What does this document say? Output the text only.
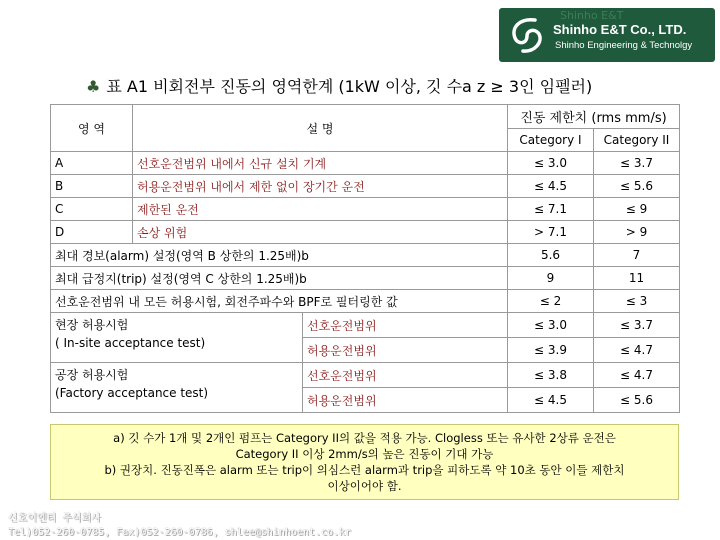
Shinho E&T
Shinho E&T Co., LTD.
Shinho Engineering & Technolgy
♣ 표 A1 비회전부 진동의 영역한계 (1kW 이상, 깃 수a z ≥ 3인 임펠러)
영 역	설 명		진동 제한치 (rms mm/s)	
			Category I	Category II
A	선호운전범위 내에서 신규 설치 기계		≤ 3.0	≤ 3.7
B	허용운전범위 내에서 제한 없이 장기간 운전		≤ 4.5	≤ 5.6
C	제한된 운전		≤ 7.1	≤ 9
D	손상 위험		> 7.1	> 9
최대 경보(alarm) 설정(영역 B 상한의 1.25배)b			5.6	7
최대 급정지(trip) 설정(영역 C 상한의 1.25배)b			9	11
선호운전범위 내 모든 허용시험, 회전주파수와 BPF로 필터링한 값			≤ 2	≤ 3

현장 허용시험
( In-site acceptance test)		선호운전범위	≤ 3.0	≤ 3.7
		허용운전범위	≤ 3.9	≤ 4.7

공장 허용시험
(Factory acceptance test)		선호운전범위	≤ 3.8	≤ 4.7
		허용운전범위	≤ 4.5	≤ 5.6
a) 깃 수가 1개 및 2개인 펌프는 Category II의 값을 적용 가능. Clogless 또는 유사한 2상류 운전은
Category II 이상 2mm/s의 높은 진동이 기대 가능
b) 권장치. 진동진폭은 alarm 또는 trip이 의심스런 alarm과 trip을 피하도록 약 10초 동안 이들 제한치
이상이어야 함.
신호이엔티 주식회사
Tel)052-260-0785, Fax)052-260-0786, shlee@shinhoent.co.kr
